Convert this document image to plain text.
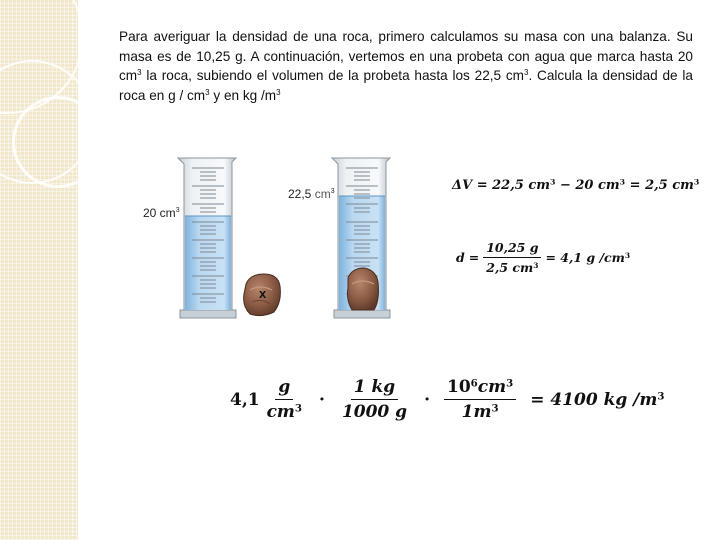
Para averiguar la densidad de una roca, primero calculamos su masa con una balanza. Su masa es de 10,25 g. A continuación, vertemos en una probeta con agua que marca hasta 20 $cm^3$ la roca, subiendo el volumen de la probeta hasta los 22,5 $cm^3$. Calcula la densidad de la roca en g / $cm^3$ y en kg $/m^3$
20 $cm^3$
22,5 $cm^3$
x
ΔV = 22,5 $cm^3 - 20$ $cm^3 = 2,5$ $cm^3$
$d = \frac{10,25 g}{2,5 cm^3} = 4,1$ g $/cm^3$
$4,1 \frac{g}{cm^3} \cdot \frac{1 kg}{1000 g} \cdot \frac{10^6cm^3}{1m^3} = 4100$ kg $/m^3$
